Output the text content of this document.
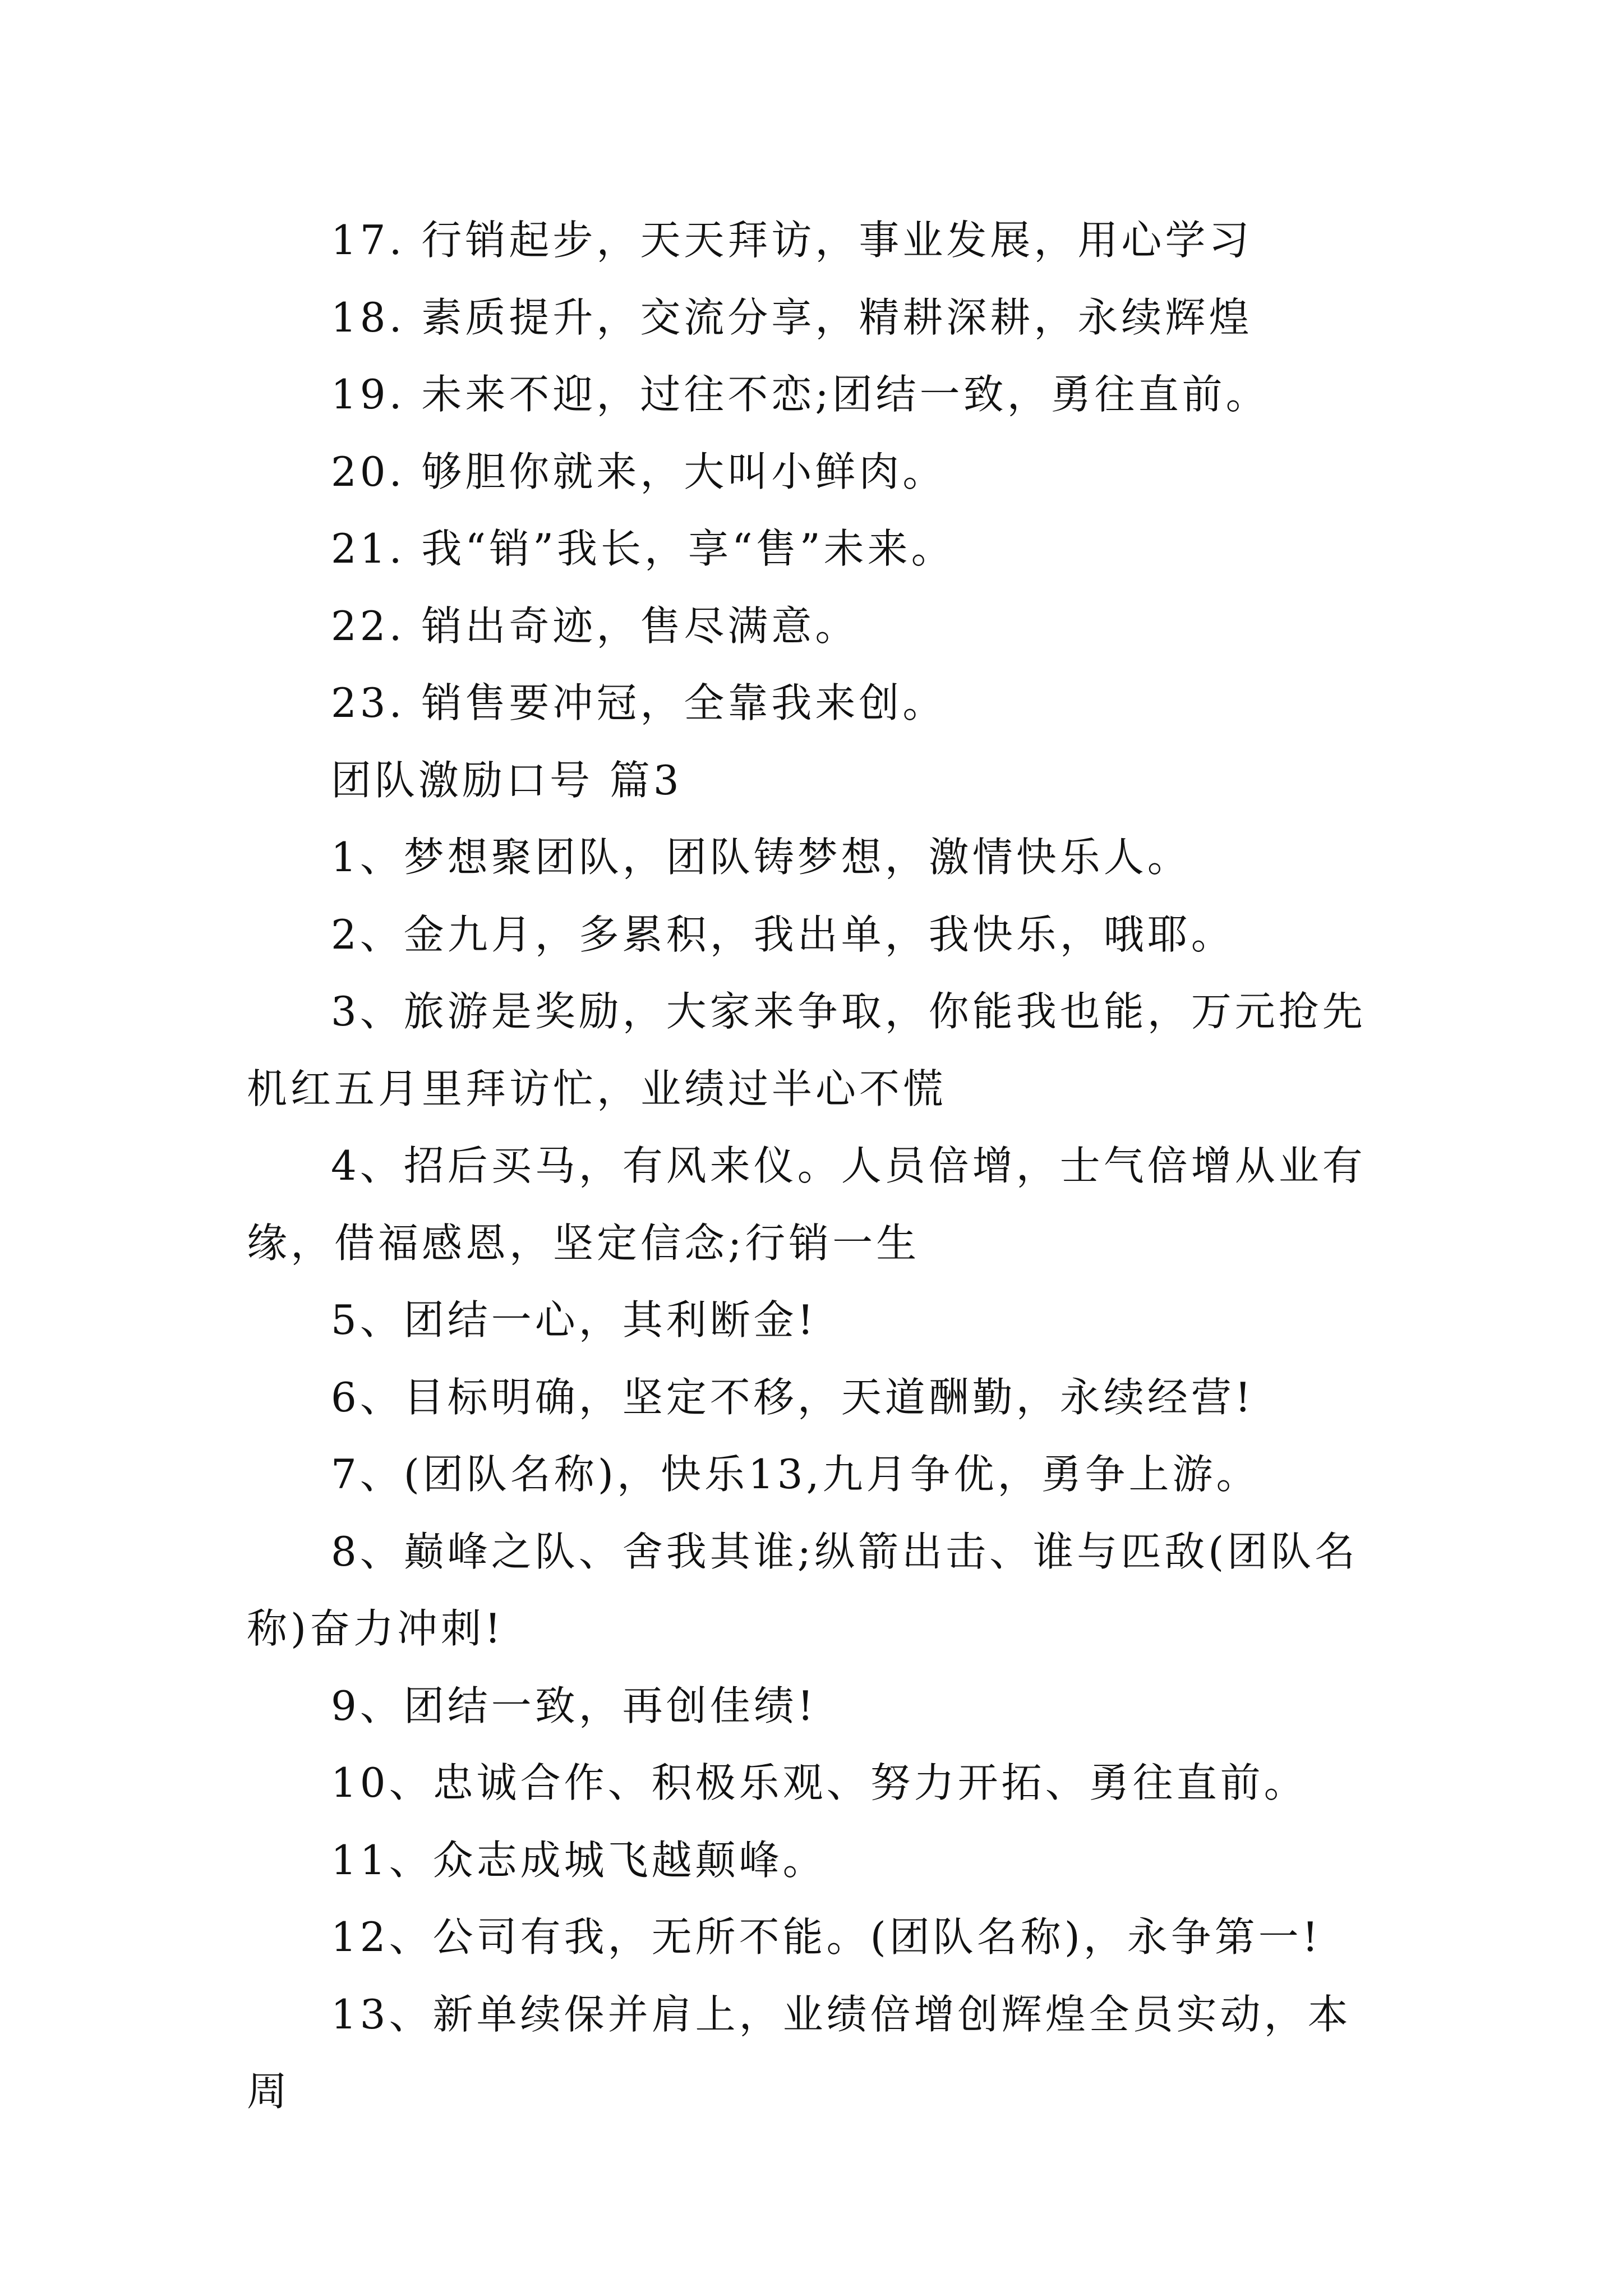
17. 行销起步，天天拜访，事业发展，用心学习

18. 素质提升，交流分享，精耕深耕，永续辉煌

19. 未来不迎，过往不恋;团结一致，勇往直前。

20. 够胆你就来，大叫小鲜肉。

21. 我“销”我长，享“售”未来。

22. 销出奇迹，售尽满意。

23. 销售要冲冠，全靠我来创。

团队激励口号 篇3

1、梦想聚团队，团队铸梦想，激情快乐人。

2、金九月，多累积，我出单，我快乐，哦耶。

3、旅游是奖励，大家来争取，你能我也能，万元抢先机红五月里拜访忙，业绩过半心不慌

4、招后买马，有风来仪。人员倍增，士气倍增从业有缘，借福感恩，坚定信念;行销一生

5、团结一心，其利断金!

6、目标明确，坚定不移，天道酬勤，永续经营!

7、(团队名称)，快乐13,九月争优，勇争上游。

8、巅峰之队、舍我其谁;纵箭出击、谁与匹敌(团队名称)奋力冲刺!

9、团结一致，再创佳绩!

10、忠诚合作、积极乐观、努力开拓、勇往直前。

11、众志成城飞越颠峰。

12、公司有我，无所不能。(团队名称)，永争第一!

13、新单续保并肩上，业绩倍增创辉煌全员实动，本周
